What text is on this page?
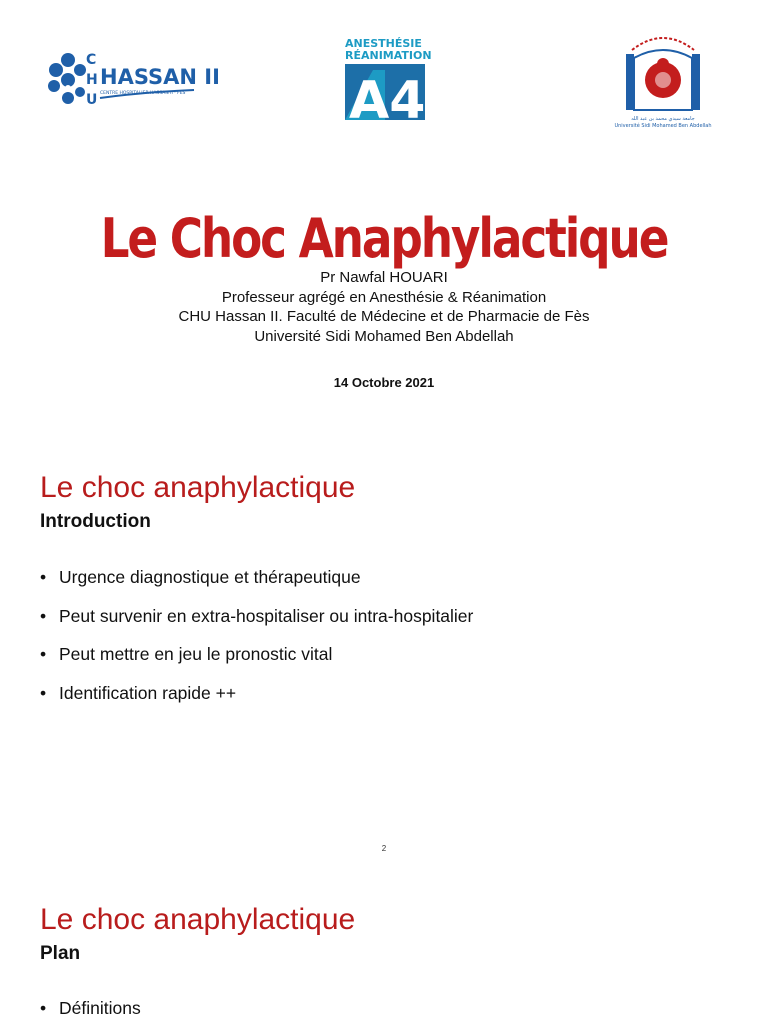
C
H
U
HASSAN II
CENTRE HOSPITALIER HASSAN II · FES
ANESTHÉSIE
RÉANIMATION
A4	جامعة سيدي محمد بن عبد الله
Université Sidi Mohamed Ben Abdellah
Le Choc Anaphylactique
Pr Nawfal HOUARI
Professeur agrégé en Anesthésie & Réanimation
CHU Hassan II. Faculté de Médecine et de Pharmacie de Fès
Université Sidi Mohamed Ben Abdellah
14 Octobre 2021
Le choc anaphylactique
Introduction
• Urgence diagnostique et thérapeutique
• Peut survenir en extra-hospitaliser ou intra-hospitalier
• Peut mettre en jeu le pronostic vital
• Identification rapide ++
2
Le choc anaphylactique
Plan
• Définitions
